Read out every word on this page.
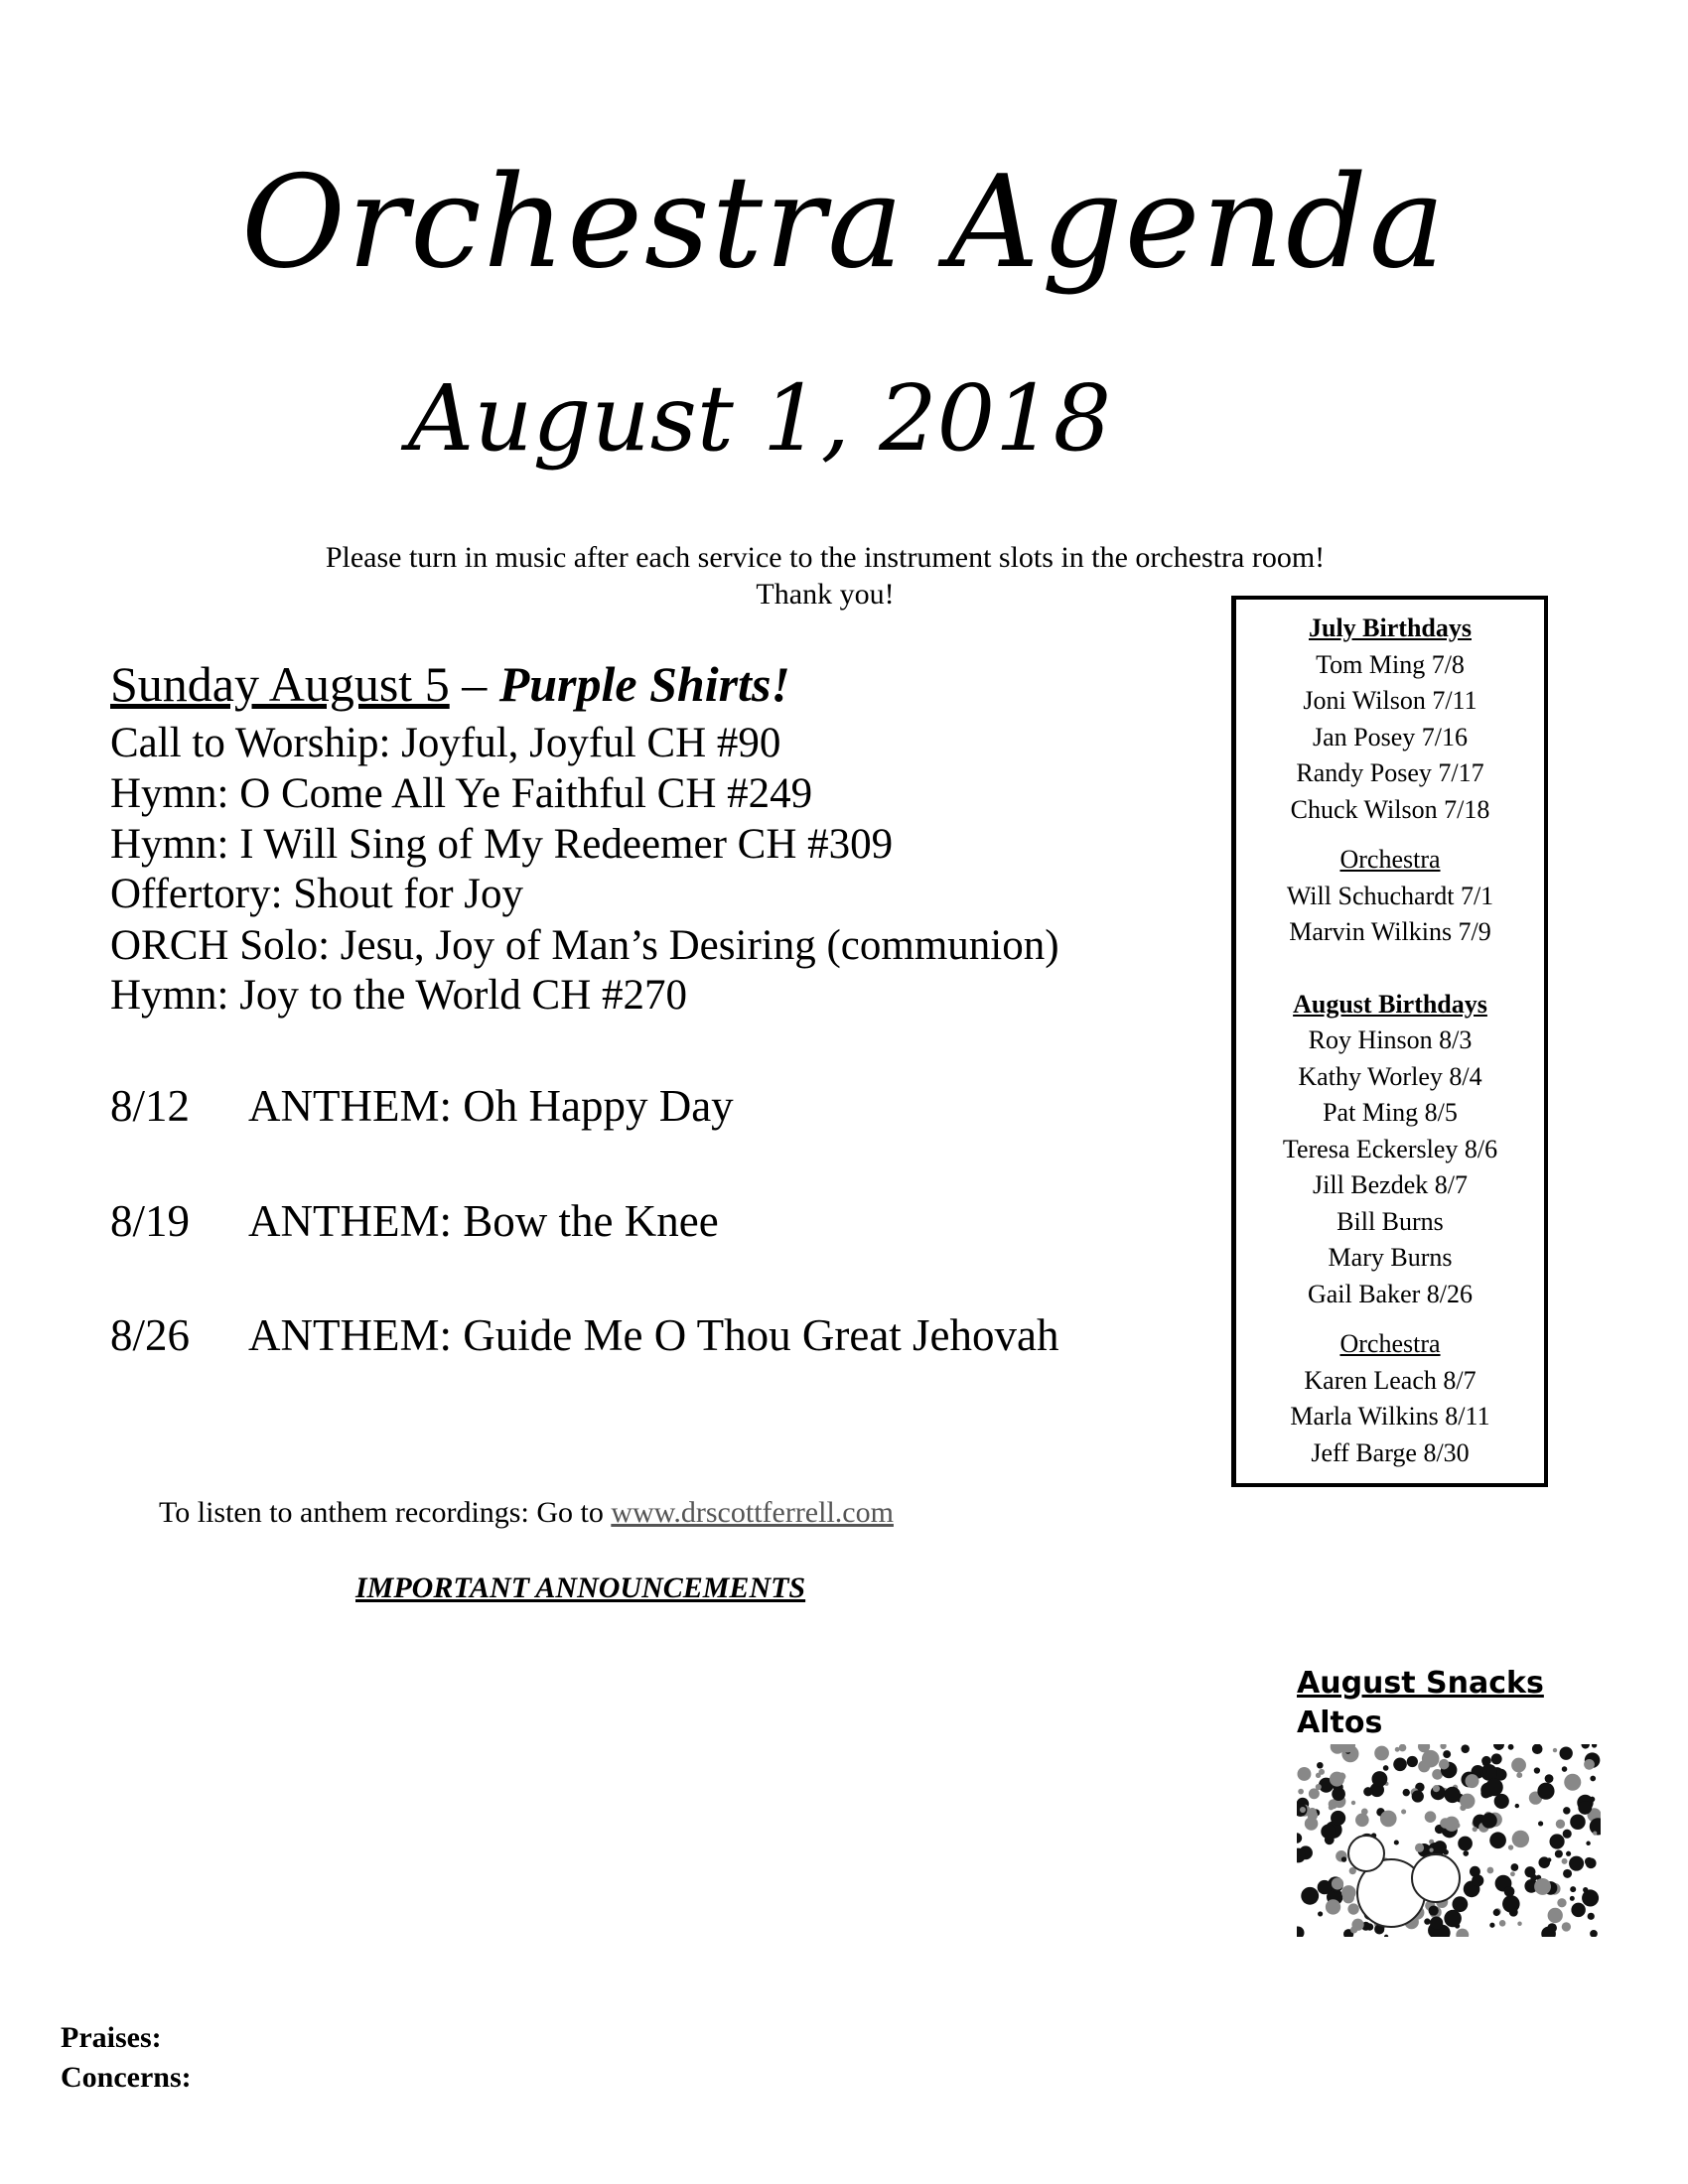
Orchestra Agenda
August 1, 2018
Please turn in music after each service to the instrument slots in the orchestra room!
Thank you!
Sunday August 5 – Purple Shirts!
Call to Worship: Joyful, Joyful CH #90
Hymn: O Come All Ye Faithful CH #249
Hymn: I Will Sing of My Redeemer CH #309
Offertory: Shout for Joy
ORCH Solo: Jesu, Joy of Man’s Desiring (communion)
Hymn: Joy to the World CH #270
8/12 ANTHEM: Oh Happy Day
8/19 ANTHEM: Bow the Knee
8/26 ANTHEM: Guide Me O Thou Great Jehovah
To listen to anthem recordings: Go to www.drscottferrell.com
IMPORTANT ANNOUNCEMENTS
July Birthdays
Tom Ming 7/8
Joni Wilson 7/11
Jan Posey 7/16
Randy Posey 7/17
Chuck Wilson 7/18
Orchestra
Will Schuchardt 7/1
Marvin Wilkins 7/9
August Birthdays
Roy Hinson 8/3
Kathy Worley 8/4
Pat Ming 8/5
Teresa Eckersley 8/6
Jill Bezdek 8/7
Bill Burns
Mary Burns
Gail Baker 8/26
Orchestra
Karen Leach 8/7
Marla Wilkins 8/11
Jeff Barge 8/30
August Snacks
Altos
Praises:
Concerns:
